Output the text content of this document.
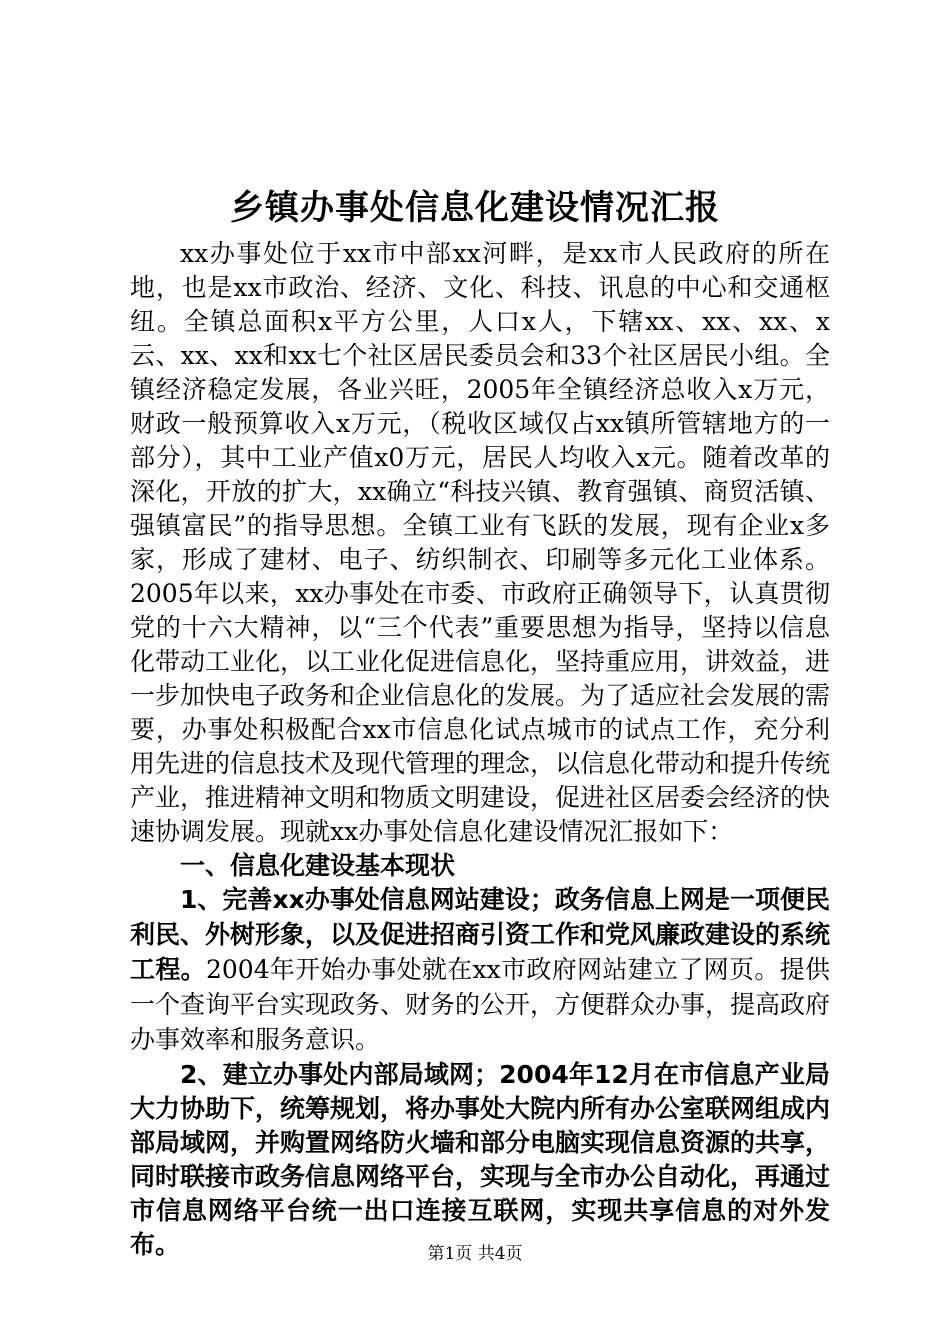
乡镇办事处信息化建设情况汇报

xx办事处位于xx市中部xx河畔，是xx市人民政府的所在地，也是xx市政治、经济、文化、科技、讯息的中心和交通枢纽。全镇总面积x平方公里，人口x人，下辖xx、xx、xx、x云、xx、xx和xx七个社区居民委员会和33个社区居民小组。全镇经济稳定发展，各业兴旺，2005年全镇经济总收入x万元，财政一般预算收入x万元，（税收区域仅占xx镇所管辖地方的一部分），其中工业产值x0万元，居民人均收入x元。随着改革的深化，开放的扩大，xx确立“科技兴镇、教育强镇、商贸活镇、强镇富民”的指导思想。全镇工业有飞跃的发展，现有企业x多家，形成了建材、电子、纺织制衣、印刷等多元化工业体系。2005年以来，xx办事处在市委、市政府正确领导下，认真贯彻党的十六大精神，以“三个代表”重要思想为指导，坚持以信息化带动工业化，以工业化促进信息化，坚持重应用，讲效益，进一步加快电子政务和企业信息化的发展。为了适应社会发展的需要，办事处积极配合xx市信息化试点城市的试点工作，充分利用先进的信息技术及现代管理的理念，以信息化带动和提升传统产业，推进精神文明和物质文明建设，促进社区居委会经济的快速协调发展。现就xx办事处信息化建设情况汇报如下：

一、信息化建设基本现状

1、完善xx办事处信息网站建设；政务信息上网是一项便民利民、外树形象，以及促进招商引资工作和党风廉政建设的系统工程。2004年开始办事处就在xx市政府网站建立了网页。提供一个查询平台实现政务、财务的公开，方便群众办事，提高政府办事效率和服务意识。

2、建立办事处内部局域网；2004年12月在市信息产业局大力协助下，统筹规划，将办事处大院内所有办公室联网组成内部局域网，并购置网络防火墙和部分电脑实现信息资源的共享，同时联接市政务信息网络平台，实现与全市办公自动化，再通过市信息网络平台统一出口连接互联网，实现共享信息的对外发布。	第1页 共4页
